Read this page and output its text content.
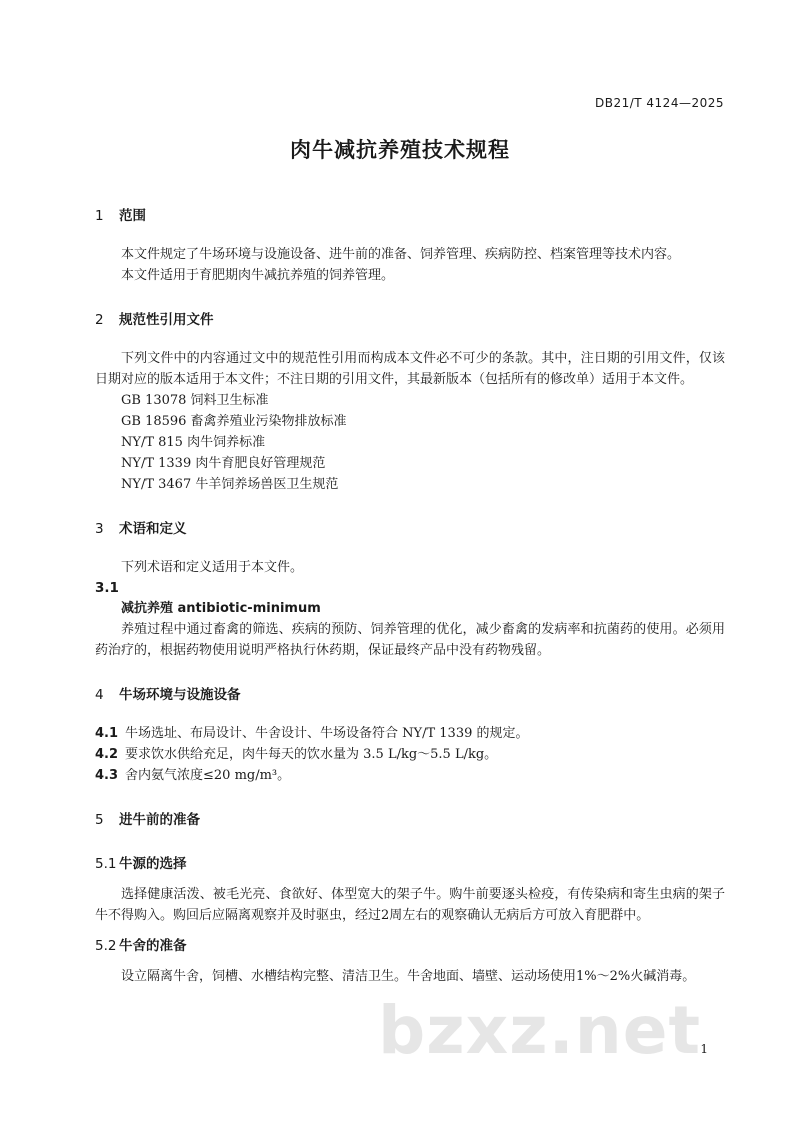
DB21/T 4124—2025
肉牛减抗养殖技术规程
1 范围

本文件规定了牛场环境与设施设备、进牛前的准备、饲养管理、疾病防控、档案管理等技术内容。

本文件适用于育肥期肉牛减抗养殖的饲养管理。

2 规范性引用文件

下列文件中的内容通过文中的规范性引用而构成本文件必不可少的条款。其中，注日期的引用文件，仅该日期对应的版本适用于本文件；不注日期的引用文件，其最新版本（包括所有的修改单）适用于本文件。

GB 13078 饲料卫生标准
GB 18596 畜禽养殖业污染物排放标准
NY/T 815 肉牛饲养标准
NY/T 1339 肉牛育肥良好管理规范
NY/T 3467 牛羊饲养场兽医卫生规范
3 术语和定义

下列术语和定义适用于本文件。

3.1
减抗养殖 antibiotic-minimum

养殖过程中通过畜禽的筛选、疾病的预防、饲养管理的优化，减少畜禽的发病率和抗菌药的使用。必须用药治疗的，根据药物使用说明严格执行休药期，保证最终产品中没有药物残留。

4 牛场环境与设施设备
4.1 牛场选址、布局设计、牛舍设计、牛场设备符合 NY/T 1339 的规定。
4.2 要求饮水供给充足，肉牛每天的饮水量为 3.5 L/kg～5.5 L/kg。
4.3 舍内氨气浓度≤20 mg/m³。
5 进牛前的准备
5.1 牛源的选择

选择健康活泼、被毛光亮、食欲好、体型宽大的架子牛。购牛前要逐头检疫，有传染病和寄生虫病的架子牛不得购入。购回后应隔离观察并及时驱虫，经过2周左右的观察确认无病后方可放入育肥群中。

5.2 牛舍的准备

设立隔离牛舍，饲槽、水槽结构完整、清洁卫生。牛舍地面、墙壁、运动场使用1%～2%火碱消毒。

bzxz.net 1
